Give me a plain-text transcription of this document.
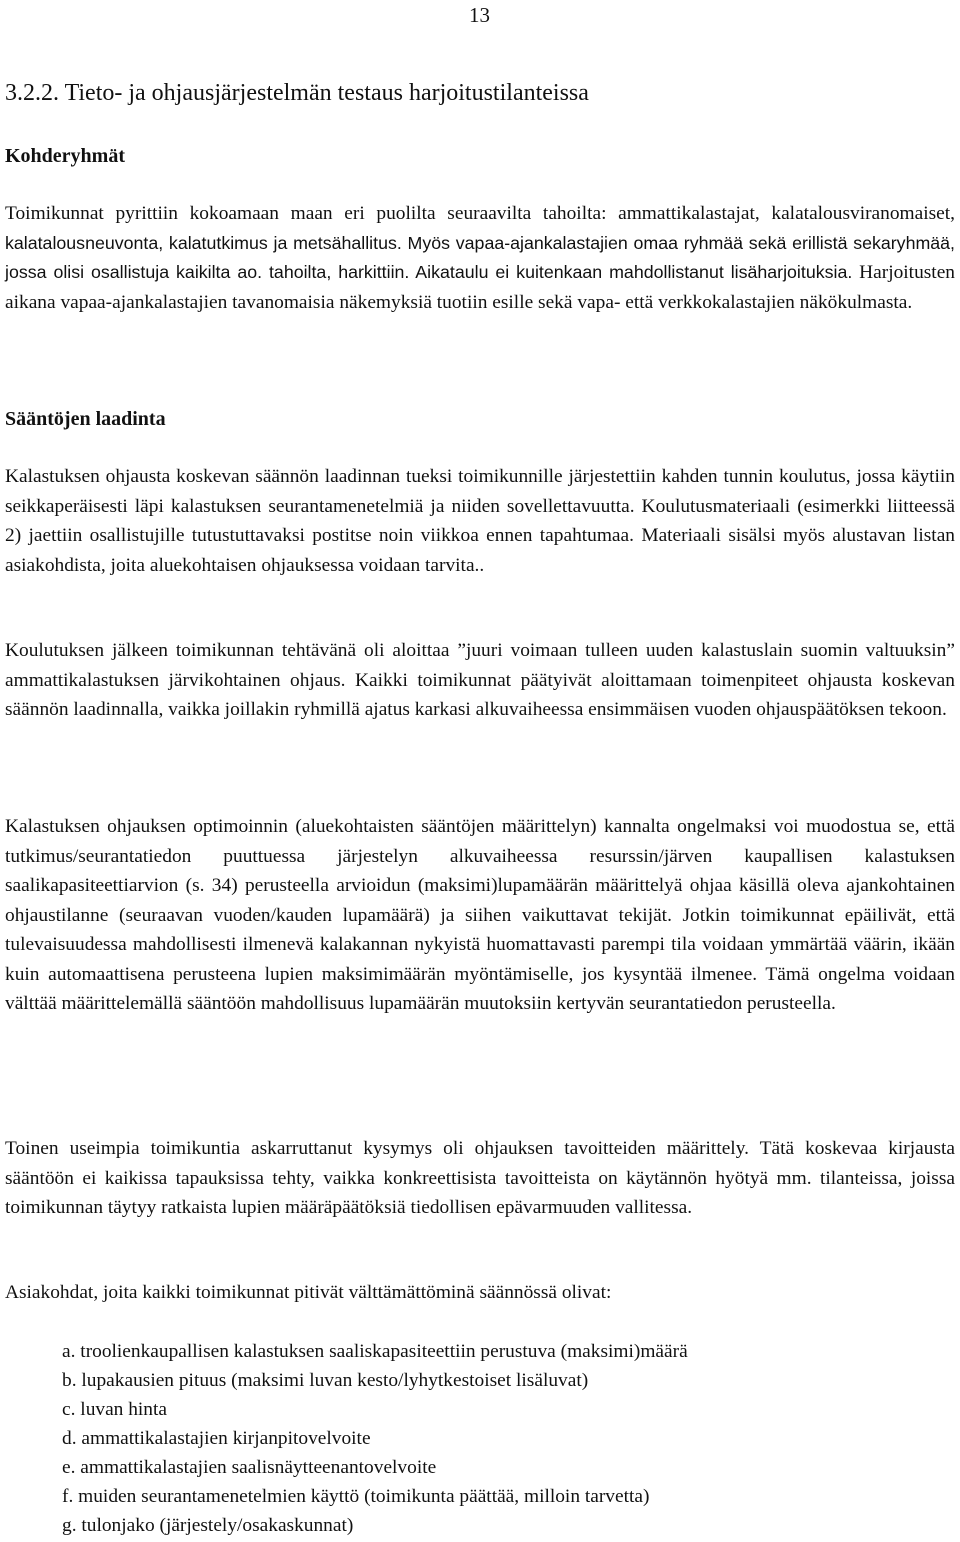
13
3.2.2. Tieto- ja ohjausjärjestelmän testaus harjoitustilanteissa
Kohderyhmät

Toimikunnat pyrittiin kokoamaan maan eri puolilta seuraavilta tahoilta: ammattikalastajat, kalatalousviranomaiset, kalatalousneuvonta, kalatutkimus ja metsähallitus. Myös vapaa-ajankalastajien omaa ryhmää sekä erillistä sekaryhmää, jossa olisi osallistuja kaikilta ao. tahoilta, harkittiin. Aikataulu ei kuitenkaan mahdollistanut lisäharjoituksia. Harjoitusten aikana vapaa-ajankalastajien tavanomaisia näkemyksiä tuotiin esille sekä vapa- että verkkokalastajien näkökulmasta.

Sääntöjen laadinta

Kalastuksen ohjausta koskevan säännön laadinnan tueksi toimikunnille järjestettiin kahden tunnin koulutus, jossa käytiin seikkaperäisesti läpi kalastuksen seurantamenetelmiä ja niiden sovellettavuutta. Koulutusmateriaali (esimerkki liitteessä 2) jaettiin osallistujille tutustuttavaksi postitse noin viikkoa ennen tapahtumaa. Materiaali sisälsi myös alustavan listan asiakohdista, joita aluekohtaisen ohjauksessa voidaan tarvita..

Koulutuksen jälkeen toimikunnan tehtävänä oli aloittaa ”juuri voimaan tulleen uuden kalastuslain suomin valtuuksin” ammattikalastuksen järvikohtainen ohjaus. Kaikki toimikunnat päätyivät aloittamaan toimenpiteet ohjausta koskevan säännön laadinnalla, vaikka joillakin ryhmillä ajatus karkasi alkuvaiheessa ensimmäisen vuoden ohjauspäätöksen tekoon.

Kalastuksen ohjauksen optimoinnin (aluekohtaisten sääntöjen määrittelyn) kannalta ongelmaksi voi muodostua se, että tutkimus/seurantatiedon puuttuessa järjestelyn alkuvaiheessa resurssin/järven kaupallisen kalastuksen saalikapasiteettiarvion (s. 34) perusteella arvioidun (maksimi)lupamäärän määrittelyä ohjaa käsillä oleva ajankohtainen ohjaustilanne (seuraavan vuoden/kauden lupamäärä) ja siihen vaikuttavat tekijät. Jotkin toimikunnat epäilivät, että tulevaisuudessa mahdollisesti ilmenevä kalakannan nykyistä huomattavasti parempi tila voidaan ymmärtää väärin, ikään kuin automaattisena perusteena lupien maksimimäärän myöntämiselle, jos kysyntää ilmenee. Tämä ongelma voidaan välttää määrittelemällä sääntöön mahdollisuus lupamäärän muutoksiin kertyvän seurantatiedon perusteella.

Toinen useimpia toimikuntia askarruttanut kysymys oli ohjauksen tavoitteiden määrittely. Tätä koskevaa kirjausta sääntöön ei kaikissa tapauksissa tehty, vaikka konkreettisista tavoitteista on käytännön hyötyä mm. tilanteissa, joissa toimikunnan täytyy ratkaista lupien määräpäätöksiä tiedollisen epävarmuuden vallitessa.

Asiakohdat, joita kaikki toimikunnat pitivät välttämättöminä säännössä olivat:

a. troolienkaupallisen kalastuksen saaliskapasiteettiin perustuva (maksimi)määrä
b. lupakausien pituus (maksimi luvan kesto/lyhytkestoiset lisäluvat)
c. luvan hinta
d. ammattikalastajien kirjanpitovelvoite
e. ammattikalastajien saalisnäytteenantovelvoite
f. muiden seurantamenetelmien käyttö (toimikunta päättää, milloin tarvetta)
g. tulonjako (järjestely/osakaskunnat)
